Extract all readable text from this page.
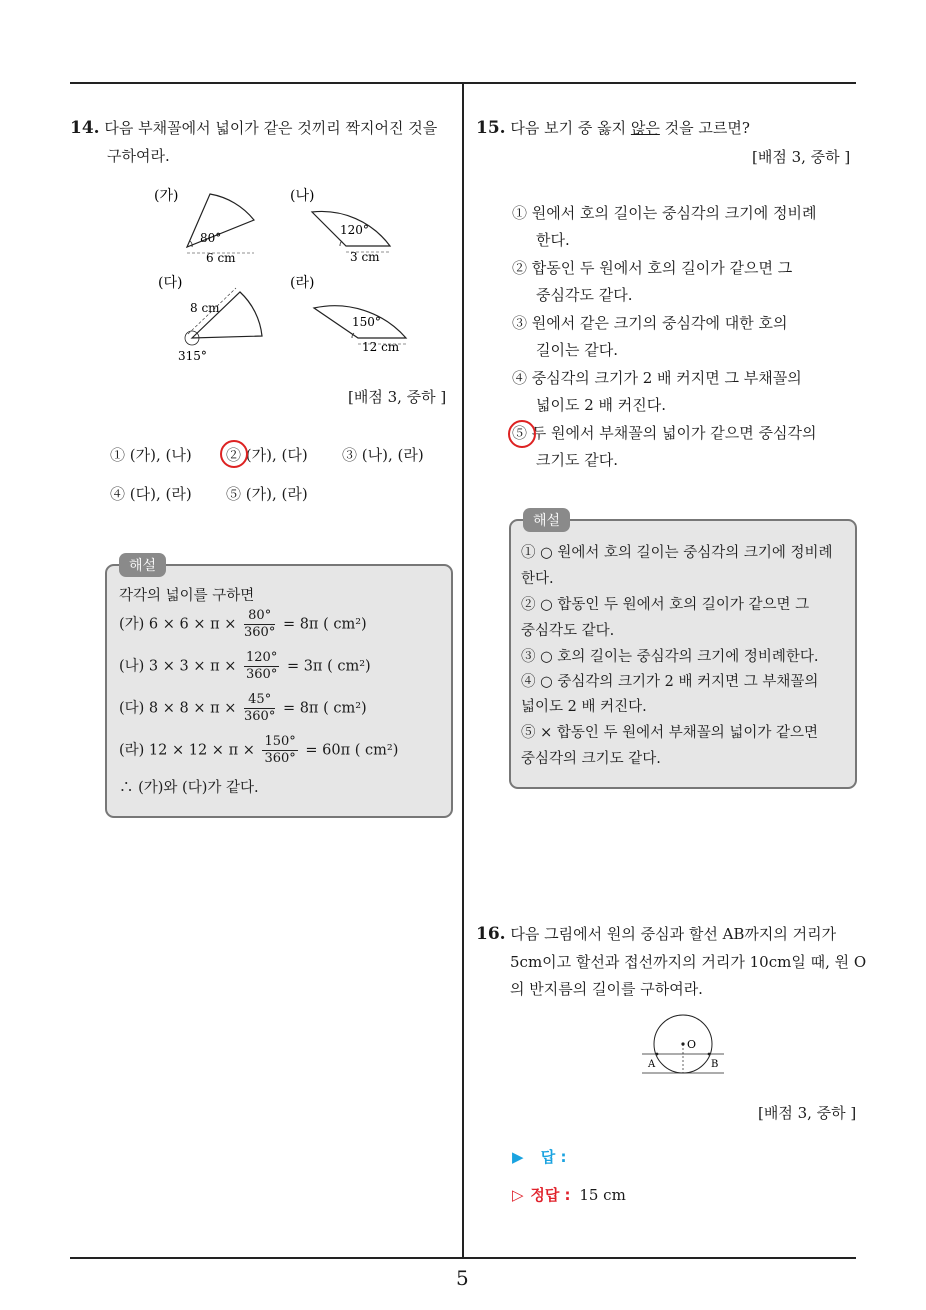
14. 다음 부채꼴에서 넓이가 같은 것끼리 짝지어진 것을
구하여라.
(가)
80°
6 cm
(나)
120°
3 cm
(다)
8 cm
315°
(라)
150°
12 cm
[배점 3, 중하 ]
① (가), (나) ② (가), (다) ③ (나), (라)
④ (다), (라) ⑤ (가), (라)
해설
각각의 넓이를 구하면
(가) $6 \times 6 \times \pi \times \frac{80^\circ}{360^\circ} = 8\pi$ ( cm²)
(나) $3 \times 3 \times \pi \times \frac{120^\circ}{360^\circ} = 3\pi$ ( cm²)
(다) $8 \times 8 \times \pi \times \frac{45^\circ}{360^\circ} = 8\pi$ ( cm²)
(라) $12 \times 12 \times \pi \times \frac{150^\circ}{360^\circ} = 60\pi$ ( cm²)
∴ (가)와 (다)가 같다.
15. 다음 보기 중 옳지 않은 것을 고르면?
[배점 3, 중하 ]
① 원에서 호의 길이는 중심각의 크기에 정비례
한다.
② 합동인 두 원에서 호의 길이가 같으면 그
중심각도 같다.
③ 원에서 같은 크기의 중심각에 대한 호의
길이는 같다.
④ 중심각의 크기가 2 배 커지면 그 부채꼴의
넓이도 2 배 커진다.
⑤ 두 원에서 부채꼴의 넓이가 같으면 중심각의
크기도 같다.
해설
① ○ 원에서 호의 길이는 중심각의 크기에 정비례
한다.
② ○ 합동인 두 원에서 호의 길이가 같으면 그
중심각도 같다.
③ ○ 호의 길이는 중심각의 크기에 정비례한다.
④ ○ 중심각의 크기가 2 배 커지면 그 부채꼴의
넓이도 2 배 커진다.
⑤ × 합동인 두 원에서 부채꼴의 넓이가 같으면
중심각의 크기도 같다.
16. 다음 그림에서 원의 중심과 할선 AB까지의 거리가
5cm이고 할선과 접선까지의 거리가 10cm일 때, 원 O
의 반지름의 길이를 구하여라.
O
A	B
[배점 3, 중하 ]
▶ 답 :
▷ 정답 : 15 cm
5
